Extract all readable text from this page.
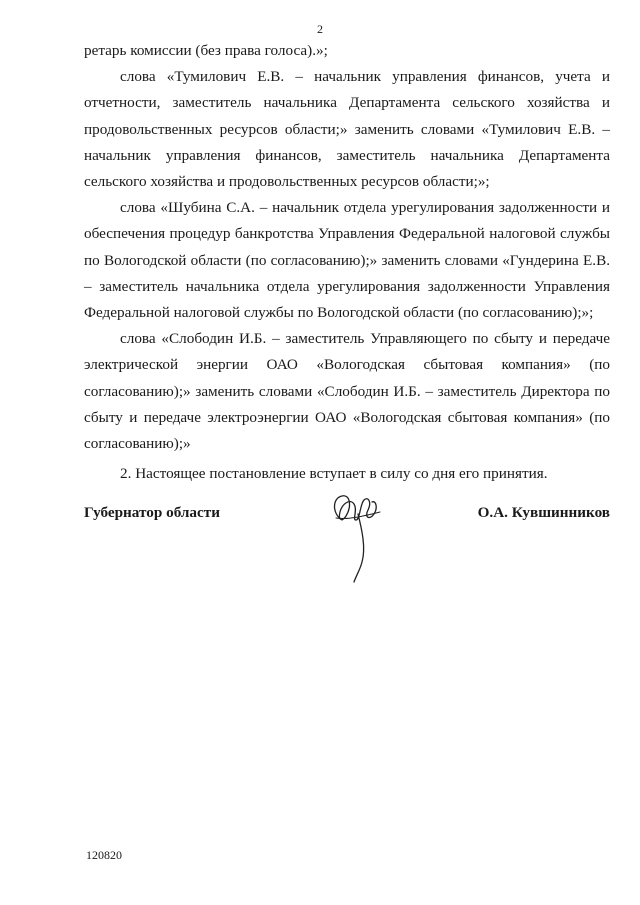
2

ретарь комиссии (без права голоса).»;

слова «Тумилович Е.В. – начальник управления финансов, учета и отчетности, заместитель начальника Департамента сельского хозяйства и продовольственных ресурсов области;» заменить словами «Тумилович Е.В. – начальник управления финансов, заместитель начальника Департамента сельского хозяйства и продовольственных ресурсов области;»;

слова «Шубина С.А. – начальник отдела урегулирования задолженности и обеспечения процедур банкротства Управления Федеральной налоговой службы по Вологодской области (по согласованию);» заменить словами «Гундерина Е.В. – заместитель начальника отдела урегулирования задолженности Управления Федеральной налоговой службы по Вологодской области (по согласованию);»;

слова «Слободин И.Б. – заместитель Управляющего по сбыту и передаче электрической энергии ОАО «Вологодская сбытовая компания» (по согласованию);» заменить словами «Слободин И.Б. – заместитель Директора по сбыту и передаче электроэнергии ОАО «Вологодская сбытовая компания» (по согласованию);»

2. Настоящее постановление вступает в силу со дня его принятия.

Губернатор области	О.А. Кувшинников
120820
